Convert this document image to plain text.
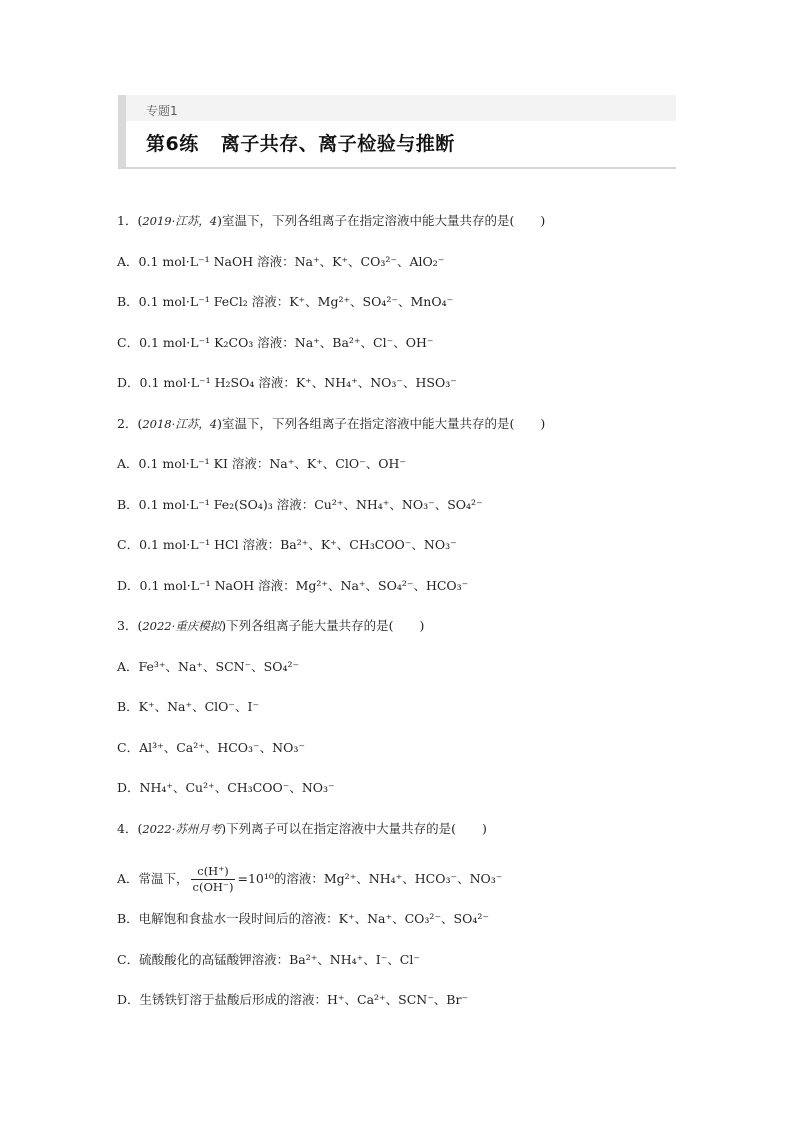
专题1
第6练 离子共存、离子检验与推断
1．(2019·江苏，4)室温下，下列各组离子在指定溶液中能大量共存的是( )
A．0.1 mol·L⁻¹ NaOH 溶液：Na⁺、K⁺、CO₃²⁻、AlO₂⁻
B．0.1 mol·L⁻¹ FeCl₂ 溶液：K⁺、Mg²⁺、SO₄²⁻、MnO₄⁻
C．0.1 mol·L⁻¹ K₂CO₃ 溶液：Na⁺、Ba²⁺、Cl⁻、OH⁻
D．0.1 mol·L⁻¹ H₂SO₄ 溶液：K⁺、NH₄⁺、NO₃⁻、HSO₃⁻
2．(2018·江苏，4)室温下，下列各组离子在指定溶液中能大量共存的是( )
A．0.1 mol·L⁻¹ KI 溶液：Na⁺、K⁺、ClO⁻、OH⁻
B．0.1 mol·L⁻¹ Fe₂(SO₄)₃ 溶液：Cu²⁺、NH₄⁺、NO₃⁻、SO₄²⁻
C．0.1 mol·L⁻¹ HCl 溶液：Ba²⁺、K⁺、CH₃COO⁻、NO₃⁻
D．0.1 mol·L⁻¹ NaOH 溶液：Mg²⁺、Na⁺、SO₄²⁻、HCO₃⁻
3．(2022·重庆模拟)下列各组离子能大量共存的是( )
A．Fe³⁺、Na⁺、SCN⁻、SO₄²⁻
B．K⁺、Na⁺、ClO⁻、I⁻
C．Al³⁺、Ca²⁺、HCO₃⁻、NO₃⁻
D．NH₄⁺、Cu²⁺、CH₃COO⁻、NO₃⁻
4．(2022·苏州月考)下列离子可以在指定溶液中大量共存的是( )
A．常温下， $\frac{c(H^+)}{c(OH^-)} =10^{10}$的溶液：Mg²⁺、NH₄⁺、HCO₃⁻、NO₃⁻
B．电解饱和食盐水一段时间后的溶液：K⁺、Na⁺、CO₃²⁻、SO₄²⁻
C．硫酸酸化的高锰酸钾溶液：Ba²⁺、NH₄⁺、I⁻、Cl⁻
D．生锈铁钉溶于盐酸后形成的溶液：H⁺、Ca²⁺、SCN⁻、Br⁻
